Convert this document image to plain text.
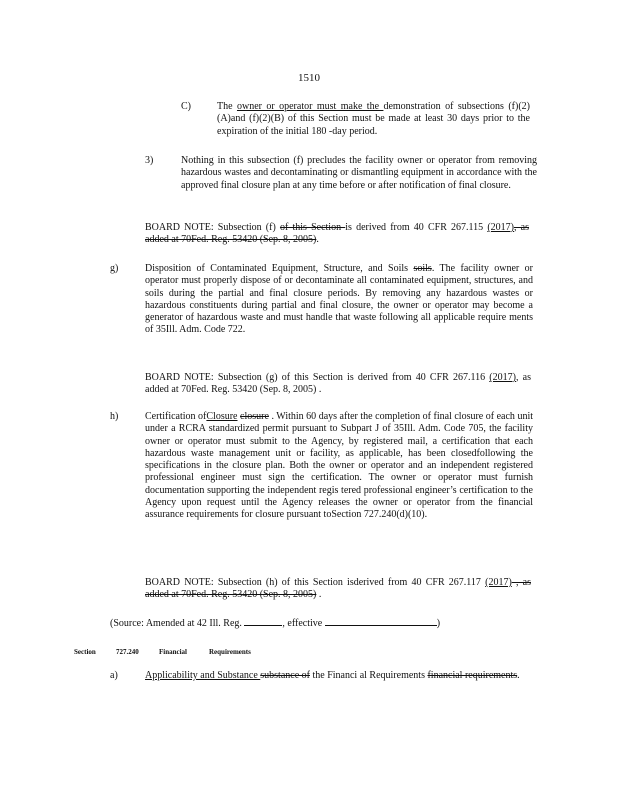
1510
C)	The owner or operator must make the demonstration of subsections (f)(2)(A)and (f)(2)(B) of this Section must be made at least 30 days prior to the expiration of the initial 180 -day period.
3)	Nothing in this subsection (f) precludes the facility owner or operator from removing hazardous wastes and decontaminating or dismantling equipment in accordance with the approved final closure plan at any time before or after notification of final closure.
BOARD NOTE: Subsection (f) of this Section is derived from 40 CFR 267.115 (2017), as added at 70Fed. Reg. 53420 (Sep. 8, 2005).
g)	Disposition of Contaminated Equipment, Structure, and Soils soils. The facility owner or operator must properly dispose of or decontaminate all contaminated equipment, structures, and soils during the partial and final closure periods. By removing any hazardous wastes or hazardous constituents during partial and final closure, the owner or operator may become a generator of hazardous waste and must handle that waste following all applicable require ments of 35Ill. Adm. Code 722.
BOARD NOTE: Subsection (g) of this Section is derived from 40 CFR 267.116 (2017), as added at 70Fed. Reg. 53420 (Sep. 8, 2005) .
h)	Certification ofClosure closure . Within 60 days after the completion of final closure of each unit under a RCRA standardized permit pursuant to Subpart J of 35Ill. Adm. Code 705, the facility owner or operator must submit to the Agency, by registered mail, a certification that each hazardous waste management unit or facility, as applicable, has been closedfollowing the specifications in the closure plan. Both the owner or operator and an independent registered professional engineer must sign the certification. The owner or operator must furnish documentation supporting the independent regis tered professional engineer’s certification to the Agency upon request until the Agency releases the owner or operator from the financial assurance requirements for closure pursuant toSection 727.240(d)(10).
BOARD NOTE: Subsection (h) of this Section isderived from 40 CFR 267.117 (2017) , as added at 70Fed. Reg. 53420 (Sep. 8, 2005) .
(Source: Amended at 42 Ill. Reg.	, effective	)
Section	727.240	Financial	Requirements
a)	Applicability and Substance substance of the Financi al Requirements financial requirements.
